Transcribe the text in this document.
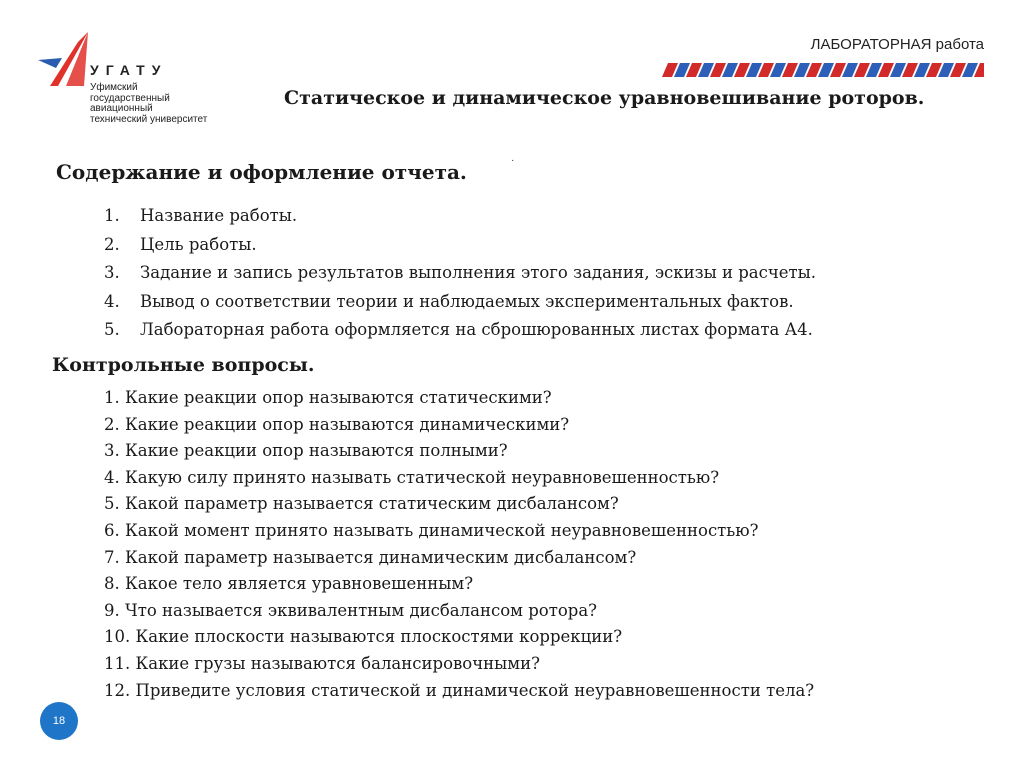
УГАТУ
Уфимский государственный авиационный технический университет
ЛАБОРАТОРНАЯ работа
Статическое и динамическое уравновешивание роторов.
·
Содержание и оформление отчета.
1.	Название работы.
2.	Цель работы.
3.	Задание и запись результатов выполнения этого задания, эскизы и расчеты.
4.	Вывод о соответствии теории и наблюдаемых экспериментальных фактов.
5.	Лабораторная работа оформляется на сброшюрованных листах формата А4.
Контрольные вопросы.
1. Какие реакции опор называются статическими?
2. Какие реакции опор называются динамическими?
3. Какие реакции опор называются полными?
4. Какую силу принято называть статической неуравновешенностью?
5. Какой параметр называется статическим дисбалансом?
6. Какой момент принято называть динамической неуравновешенностью?
7. Какой параметр называется динамическим дисбалансом?
8. Какое тело является уравновешенным?
9. Что называется эквивалентным дисбалансом ротора?
10. Какие плоскости называются плоскостями коррекции?
11. Какие грузы называются балансировочными?
12. Приведите условия статической и динамической неуравновешенности тела?
18
